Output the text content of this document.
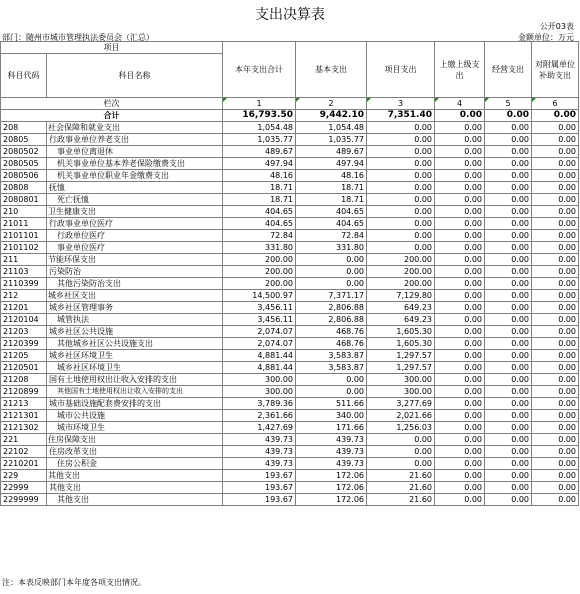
支出决算表
公开03表
部门：随州市城市管理执法委员会（汇总）	金额单位：万元
项目		本年支出合计	基本支出	项目支出	上缴上级支出	经营支出	对附属单位补助支出
科目代码	科目名称						
栏次		1	2	3	4	5	6
合计		16,793.50	9,442.10	7,351.40	0.00	0.00	0.00
208	社会保障和就业支出	1,054.48	1,054.48	0.00	0.00	0.00	0.00
20805	行政事业单位养老支出	1,035.77	1,035.77	0.00	0.00	0.00	0.00
2080502	事业单位离退休	489.67	489.67	0.00	0.00	0.00	0.00
2080505	机关事业单位基本养老保险缴费支出	497.94	497.94	0.00	0.00	0.00	0.00
2080506	机关事业单位职业年金缴费支出	48.16	48.16	0.00	0.00	0.00	0.00
20808	抚恤	18.71	18.71	0.00	0.00	0.00	0.00
2080801	死亡抚恤	18.71	18.71	0.00	0.00	0.00	0.00
210	卫生健康支出	404.65	404.65	0.00	0.00	0.00	0.00
21011	行政事业单位医疗	404.65	404.65	0.00	0.00	0.00	0.00
2101101	行政单位医疗	72.84	72.84	0.00	0.00	0.00	0.00
2101102	事业单位医疗	331.80	331.80	0.00	0.00	0.00	0.00
211	节能环保支出	200.00	0.00	200.00	0.00	0.00	0.00
21103	污染防治	200.00	0.00	200.00	0.00	0.00	0.00
2110399	其他污染防治支出	200.00	0.00	200.00	0.00	0.00	0.00
212	城乡社区支出	14,500.97	7,371.17	7,129.80	0.00	0.00	0.00
21201	城乡社区管理事务	3,456.11	2,806.88	649.23	0.00	0.00	0.00
2120104	城管执法	3,456.11	2,806.88	649.23	0.00	0.00	0.00
21203	城乡社区公共设施	2,074.07	468.76	1,605.30	0.00	0.00	0.00
2120399	其他城乡社区公共设施支出	2,074.07	468.76	1,605.30	0.00	0.00	0.00
21205	城乡社区环境卫生	4,881.44	3,583.87	1,297.57	0.00	0.00	0.00
2120501	城乡社区环境卫生	4,881.44	3,583.87	1,297.57	0.00	0.00	0.00
21208	国有土地使用权出让收入安排的支出	300.00	0.00	300.00	0.00	0.00	0.00
2120899	其他国有土地使用权出让收入安排的支出	300.00	0.00	300.00	0.00	0.00	0.00
21213	城市基础设施配套费安排的支出	3,789.36	511.66	3,277.69	0.00	0.00	0.00
2121301	城市公共设施	2,361.66	340.00	2,021.66	0.00	0.00	0.00
2121302	城市环境卫生	1,427.69	171.66	1,256.03	0.00	0.00	0.00
221	住房保障支出	439.73	439.73	0.00	0.00	0.00	0.00
22102	住房改革支出	439.73	439.73	0.00	0.00	0.00	0.00
2210201	住房公积金	439.73	439.73	0.00	0.00	0.00	0.00
229	其他支出	193.67	172.06	21.60	0.00	0.00	0.00
22999	其他支出	193.67	172.06	21.60	0.00	0.00	0.00
2299999	其他支出	193.67	172.06	21.60	0.00	0.00	0.00
注：本表反映部门本年度各项支出情况。
